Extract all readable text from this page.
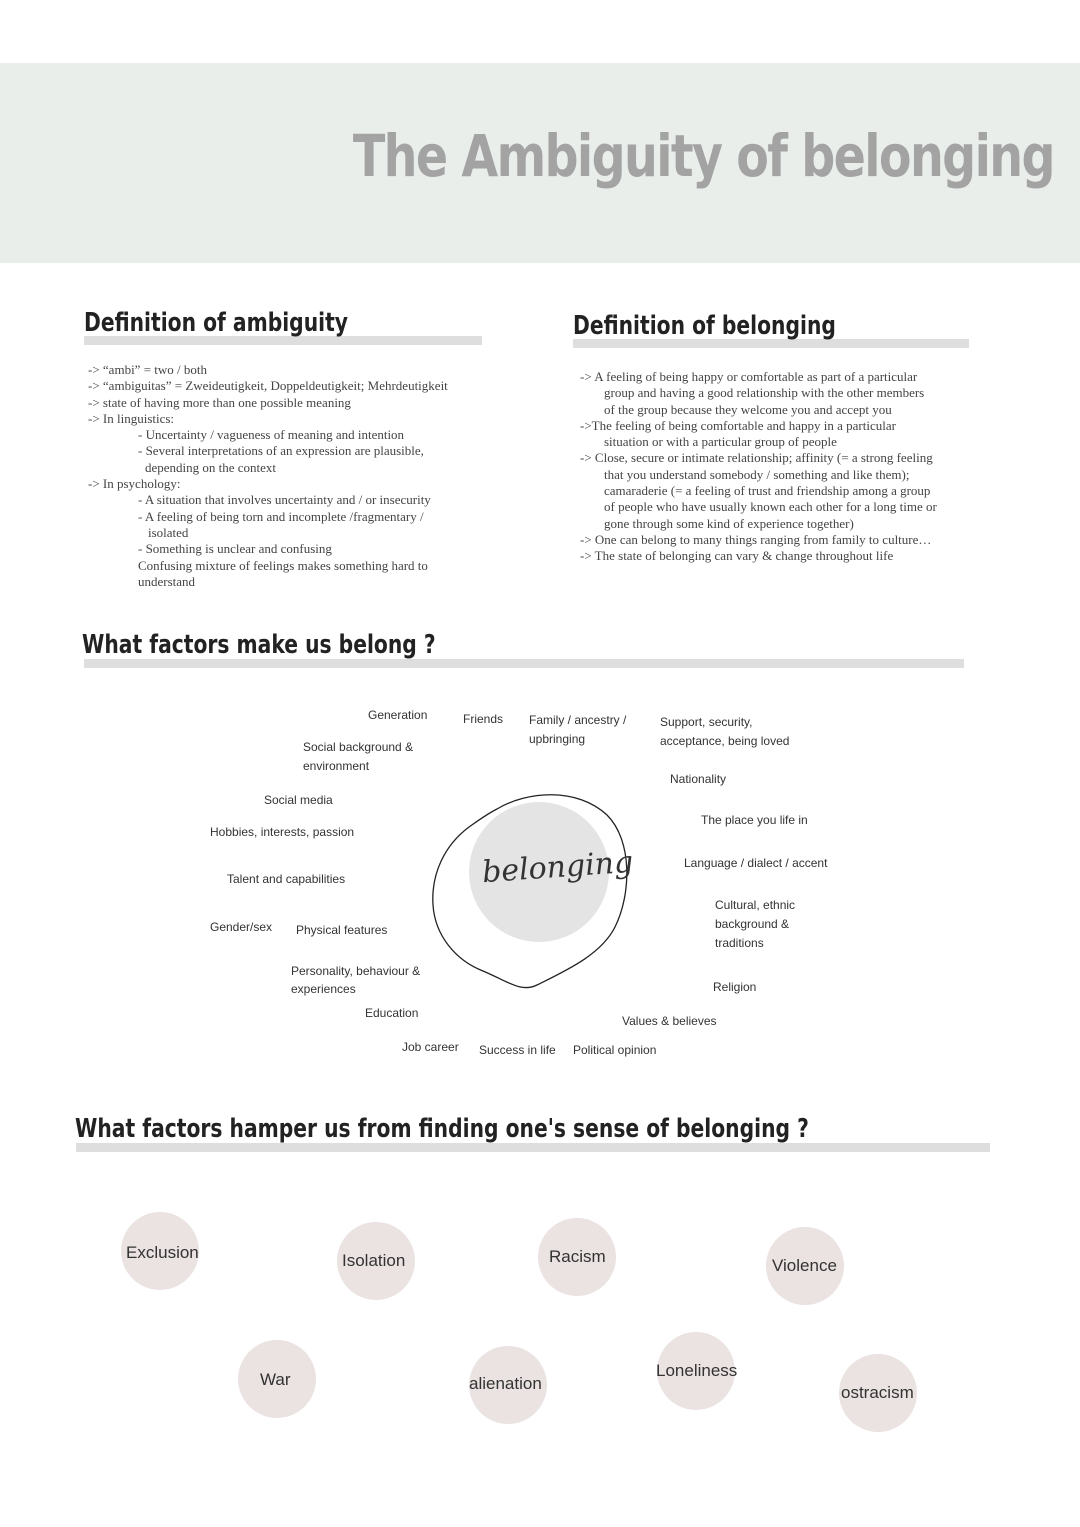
The Ambiguity of belonging
Definition of ambiguity
-> “ambi” = two / both
-> “ambiguitas” = Zweideutigkeit, Doppeldeutigkeit; Mehrdeutigkeit
-> state of having more than one possible meaning
-> In linguistics:
- Uncertainty / vagueness of meaning and intention
- Several interpretations of an expression are plausible,
depending on the context
-> In psychology:
- A situation that involves uncertainty and / or insecurity
- A feeling of being torn and incomplete /fragmentary /
isolated
- Something is unclear and confusing
Confusing mixture of feelings makes something hard to
understand
Definition of belonging
-> A feeling of being happy or comfortable as part of a particular
group and having a good relationship with the other members
of the group because they welcome you and accept you
->The feeling of being comfortable and happy in a particular
situation or with a particular group of people
-> Close, secure or intimate relationship; affinity (= a strong feeling
that you understand somebody / something and like them);
camaraderie (= a feeling of trust and friendship among a group
of people who have usually known each other for a long time or
gone through some kind of experience together)
-> One can belong to many things ranging from family to culture…
-> The state of belonging can vary & change throughout life
What factors make us belong ?
belonging
Generation	Friends Family / ancestry /
upbringing
Support, security,
acceptance, being loved
Social background &
environment
Nationality
Social media
The place you life in
Hobbies, interests, passion
Language / dialect / accent
Talent and capabilities
Cultural, ethnic
background &
traditions
Gender/sex Physical features
Personality, behaviour &
experiences	Religion
Education
Values & believes
Job career Success in life Political opinion
What factors hamper us from finding one's sense of belonging ?
Exclusion	Isolation	Racism	Violence
War	alienation
Loneliness
ostracism
